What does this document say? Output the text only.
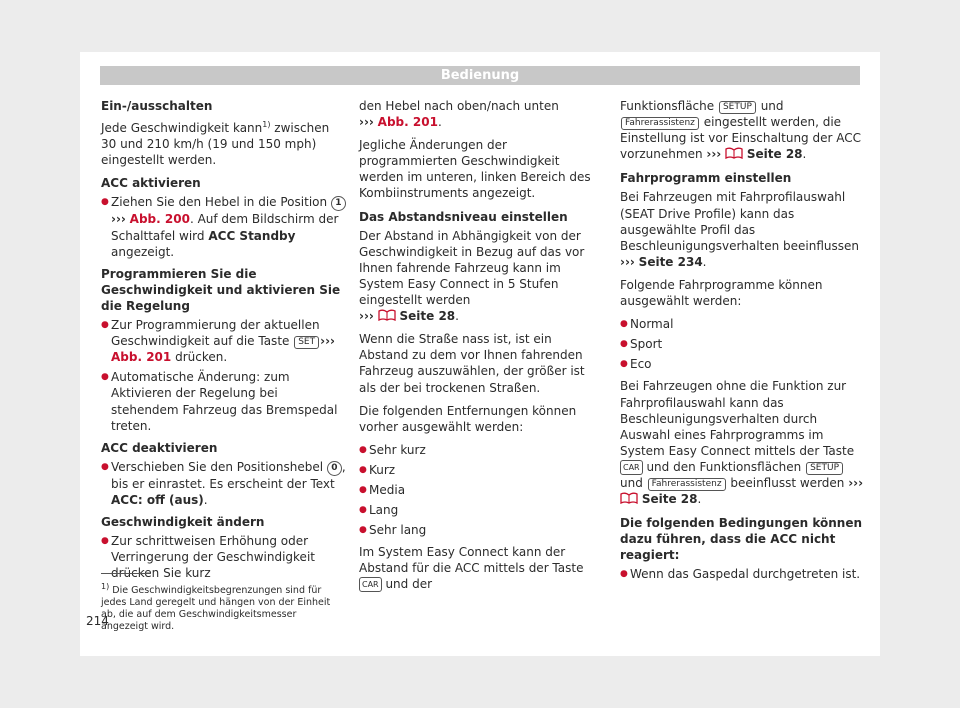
Bedienung

Ein-/ausschalten

Jede Geschwindigkeit kann$^{1)}$ zwischen 30 und 210 km/h (19 und 150 mph) eingestellt werden.

ACC aktivieren

● Ziehen Sie den Hebel in die Position 1
››› Abb. 200. Auf dem Bildschirm der Schalttafel wird ACC Standby angezeigt.

Programmieren Sie die Geschwindigkeit und aktivieren Sie die Regelung

● Zur Programmierung der aktuellen Geschwindigkeit auf die Taste SET ››› Abb. 201 drücken.

● Automatische Änderung: zum Aktivieren der Regelung bei stehendem Fahrzeug das Bremspedal treten.

ACC deaktivieren

● Verschieben Sie den Positionshebel 0 , bis er einrastet. Es erscheint der Text ACC: off (aus).

Geschwindigkeit ändern

● Zur schrittweisen Erhöhung oder Verringerung der Geschwindigkeit drücken Sie kurz

den Hebel nach oben/nach unten
››› Abb. 201.

Jegliche Änderungen der programmierten Geschwindigkeit werden im unteren, linken Bereich des Kombiinstruments angezeigt.

Das Abstandsniveau einstellen

Der Abstand in Abhängigkeit von der Geschwindigkeit in Bezug auf das vor Ihnen fahrende Fahrzeug kann im System Easy Connect in 5 Stufen eingestellt werden
››› Seite 28.

Wenn die Straße nass ist, ist ein Abstand zu dem vor Ihnen fahrenden Fahrzeug auszuwählen, der größer ist als der bei trockenen Straßen.

Die folgenden Entfernungen können vorher ausgewählt werden:

● Sehr kurz

● Kurz

● Media

● Lang

● Sehr lang

Im System Easy Connect kann der Abstand für die ACC mittels der Taste CAR und der

Funktionsfläche SETUP und Fahrerassistenz eingestellt werden, die Einstellung ist vor Einschaltung der ACC vorzunehmen ››› Seite 28.

Fahrprogramm einstellen

Bei Fahrzeugen mit Fahrprofilauswahl (SEAT Drive Profile) kann das ausgewählte Profil das Beschleunigungsverhalten beeinflussen ››› Seite 234.

Folgende Fahrprogramme können ausgewählt werden:

● Normal

● Sport

● Eco

Bei Fahrzeugen ohne die Funktion zur Fahrprofilauswahl kann das Beschleunigungsverhalten durch Auswahl eines Fahrprogramms im System Easy Connect mittels der Taste CAR und den Funktionsflächen SETUP und Fahrerassistenz beeinflusst werden ›››  Seite 28.

Die folgenden Bedingungen können dazu führen, dass die ACC nicht reagiert:

● Wenn das Gaspedal durchgetreten ist.

$^{1)}$ Die Geschwindigkeitsbegrenzungen sind für jedes Land geregelt und hängen von der Einheit ab, die auf dem Geschwindigkeitsmesser angezeigt wird.
214
